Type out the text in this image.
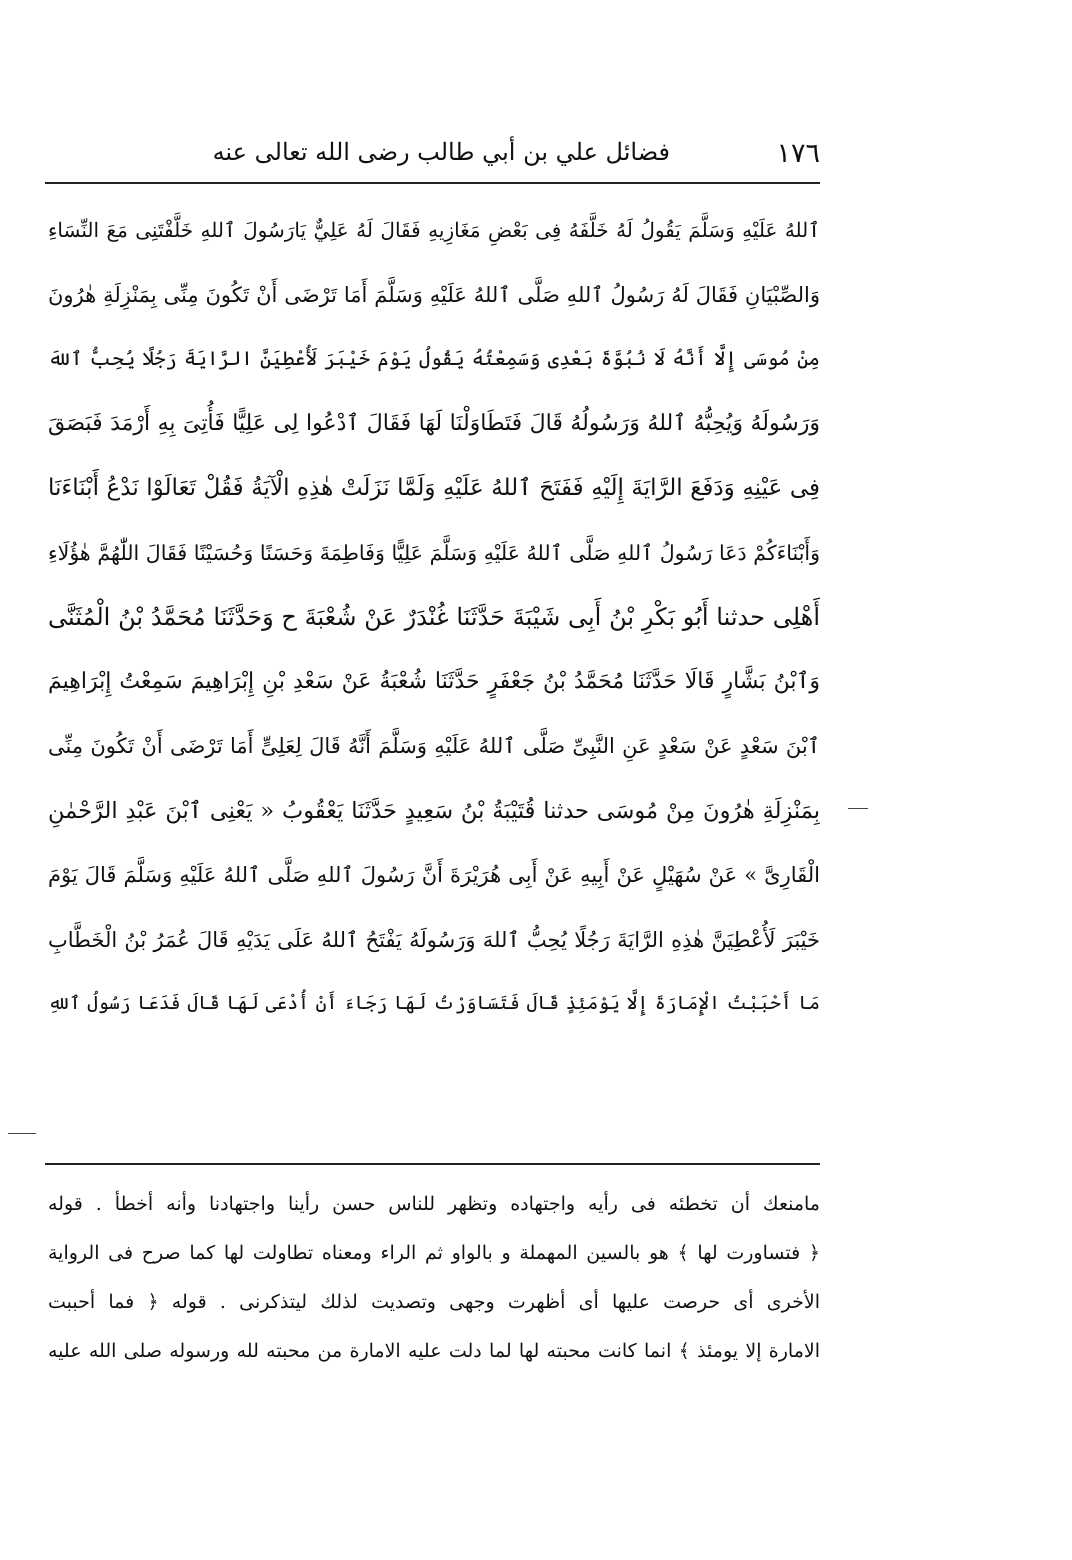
١٧٦
فضائل علي بن أبي طالب رضى الله تعالى عنه
ٱللهُ عَلَيْهِ وَسَلَّمَ يَقُولُ لَهُ خَلَّفَهُ فِى بَعْضِ مَغَازِيهِ فَقَالَ لَهُ عَلِيٌّ يَارَسُولَ ٱللهِ خَلَّفْتَنِى مَعَ النِّسَاءِ
وَالصِّبْيَانِ فَقَالَ لَهُ رَسُولُ ٱللهِ صَلَّى ٱللهُ عَلَيْهِ وَسَلَّمَ أَمَا تَرْضَى أَنْ تَكُونَ مِنِّى بِمَنْزِلَةِ هٰرُونَ
مِنْ مُوسَى إِلَّا أَنَّهُ لَا نُبُوَّةَ بَعْدِى وَسَمِعْتُهُ يَقُولُ يَوْمَ خَيْبَرَ لَأُعْطِيَنَّ الرَّايَةَ رَجُلًا يُحِبُّ ٱللهَ
وَرَسُولَهُ وَيُحِبُّهُ ٱللهُ وَرَسُولُهُ قَالَ فَتَطَاوَلْنَا لَهَا فَقَالَ ٱدْعُوا لِى عَلِيًّا فَأُتِىَ بِهِ أَرْمَدَ فَبَصَقَ
فِى عَيْنِهِ وَدَفَعَ الرَّايَةَ إِلَيْهِ فَفَتَحَ ٱللهُ عَلَيْهِ وَلَمَّا نَزَلَتْ هٰذِهِ الْآيَةُ فَقُلْ تَعَالَوْا نَدْعُ أَبْنَاءَنَا
وَأَبْنَاءَكُمْ دَعَا رَسُولُ ٱللهِ صَلَّى ٱللهُ عَلَيْهِ وَسَلَّمَ عَلِيًّا وَفَاطِمَةَ وَحَسَنًا وَحُسَيْنًا فَقَالَ اللّٰهُمَّ هٰؤُلَاءِ
أَهْلِى حدثنا أَبُو بَكْرِ بْنُ أَبِى شَيْبَةَ حَدَّثَنَا غُنْدَرٌ عَنْ شُعْبَةَ ح وَحَدَّثَنَا مُحَمَّدُ بْنُ الْمُثَنَّى
وَٱبْنُ بَشَّارٍ قَالَا حَدَّثَنَا مُحَمَّدُ بْنُ جَعْفَرٍ حَدَّثَنَا شُعْبَةُ عَنْ سَعْدِ بْنِ إِبْرَاهِيمَ سَمِعْتُ إِبْرَاهِيمَ
ٱبْنَ سَعْدٍ عَنْ سَعْدٍ عَنِ النَّبِىِّ صَلَّى ٱللهُ عَلَيْهِ وَسَلَّمَ أَنَّهُ قَالَ لِعَلِىٍّ أَمَا تَرْضَى أَنْ تَكُونَ مِنِّى
بِمَنْزِلَةِ هٰرُونَ مِنْ مُوسَى حدثنا قُتَيْبَةُ بْنُ سَعِيدٍ حَدَّثَنَا يَعْقُوبُ « يَعْنِى ٱبْنَ عَبْدِ الرَّحْمٰنِ
الْقَارِىَّ » عَنْ سُهَيْلٍ عَنْ أَبِيهِ عَنْ أَبِى هُرَيْرَةَ أَنَّ رَسُولَ ٱللهِ صَلَّى ٱللهُ عَلَيْهِ وَسَلَّمَ قَالَ يَوْمَ
خَيْبَرَ لَأُعْطِيَنَّ هٰذِهِ الرَّايَةَ رَجُلًا يُحِبُّ ٱللهَ وَرَسُولَهُ يَفْتَحُ ٱللهُ عَلَى يَدَيْهِ قَالَ عُمَرُ بْنُ الْخَطَّابِ
مَا أَحْبَبْتُ الْإِمَارَةَ إِلَّا يَوْمَئِذٍ قَالَ فَتَسَاوَرْتُ لَهَا رَجَاءَ أَنْ أُدْعَى لَهَا قَالَ فَدَعَا رَسُولُ ٱللهِ
مامنعك أن تخطئه فى رأيه واجتهاده وتظهر للناس حسن رأينا واجتهادنا وأنه أخطأ . قوله
﴿ فتساورت لها ﴾ هو بالسين المهملة و بالواو ثم الراء ومعناه تطاولت لها كما صرح فى الرواية
الأخرى أى حرصت عليها أى أظهرت وجهى وتصديت لذلك ليتذكرنى . قوله ﴿ فما أحببت
الامارة إلا يومئذ ﴾ انما كانت محبته لها لما دلت عليه الامارة من محبته لله ورسوله صلى الله عليه
